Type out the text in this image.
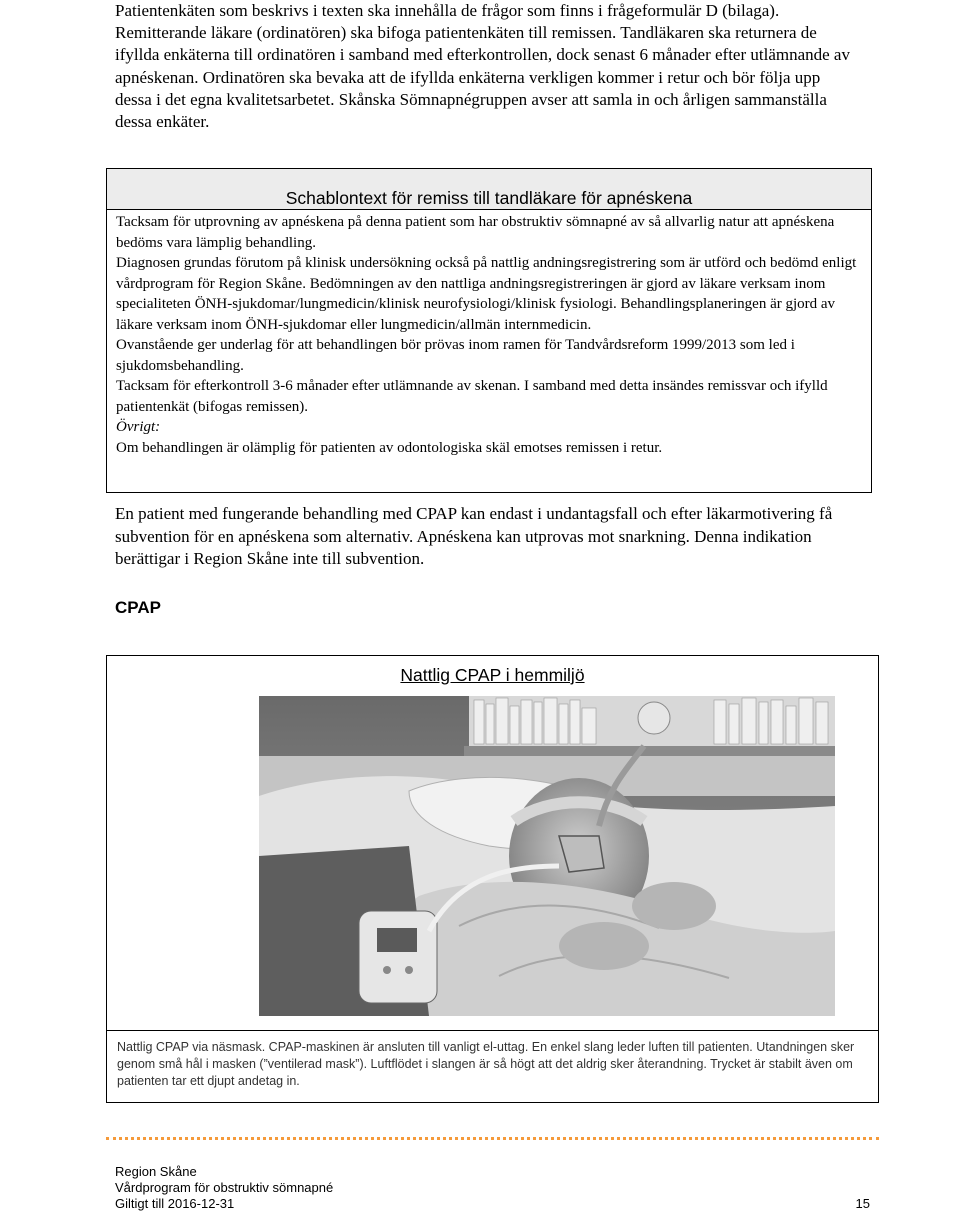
Patientenkäten som beskrivs i texten ska innehålla de frågor som finns i frågeformulär D (bilaga). Remitterande läkare (ordinatören) ska bifoga patientenkäten till remissen. Tandläkaren ska returnera de ifyllda enkäterna till ordinatören i samband med efterkontrollen, dock senast 6 månader efter utlämnande av apnéskenan. Ordinatören ska bevaka att de ifyllda enkäterna verkligen kommer i retur och bör följa upp dessa i det egna kvalitetsarbetet. Skånska Sömnapnégruppen avser att samla in och årligen sammanställa dessa enkäter.

Schablontext för remiss till tandläkare för apnéskena

Tacksam för utprovning av apnéskena på denna patient som har obstruktiv sömnapné av så allvarlig natur att apnéskena bedöms vara lämplig behandling.

Diagnosen grundas förutom på klinisk undersökning också på nattlig andningsregistrering som är utförd och bedömd enligt vårdprogram för Region Skåne. Bedömningen av den nattliga andningsregistreringen är gjord av läkare verksam inom specialiteten ÖNH-sjukdomar/lungmedicin/klinisk neurofysiologi/klinisk fysiologi. Behandlingsplaneringen är gjord av läkare verksam inom ÖNH-sjukdomar eller lungmedicin/allmän internmedicin.

Ovanstående ger underlag för att behandlingen bör prövas inom ramen för Tandvårdsreform 1999/2013 som led i sjukdomsbehandling.

Tacksam för efterkontroll 3-6 månader efter utlämnande av skenan. I samband med detta insändes remissvar och ifylld patientenkät (bifogas remissen).

Övrigt:

Om behandlingen är olämplig för patienten av odontologiska skäl emotses remissen i retur.

En patient med fungerande behandling med CPAP kan endast i undantagsfall och efter läkarmotivering få subvention för en apnéskena som alternativ. Apnéskena kan utprovas mot snarkning. Denna indikation berättigar i Region Skåne inte till subvention.

CPAP
Nattlig CPAP i hemmiljö
Nattlig CPAP via näsmask. CPAP-maskinen är ansluten till vanligt el-uttag. En enkel slang leder luften till patienten. Utandningen sker genom små hål i masken (”ventilerad mask”). Luftflödet i slangen är så högt att det aldrig sker återandning. Trycket är stabilt även om patienten tar ett djupt andetag in.
Region Skåne
Vårdprogram för obstruktiv sömnapné
Giltigt till 2016-12-31	15
